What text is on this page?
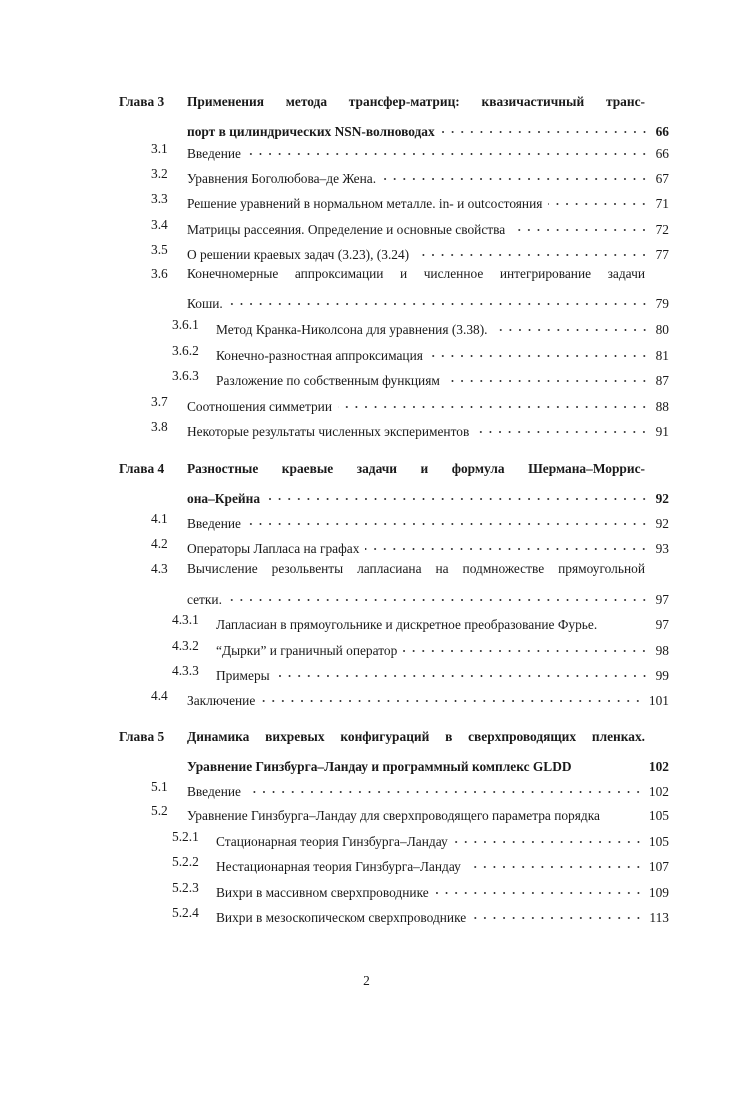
Глава 3 Применения метода трансфер-матриц: квазичастичный транс-
порт в цилиндрических NSN-волноводах	66
3.1 Введение	66
3.2 Уравнения Боголюбова–де Жена.	67
3.3 Решение уравнений в нормальном металле. in- и outсостояния	71
3.4 Матрицы рассеяния. Определение и основные свойства	72
3.5 О решении краевых задач (3.23), (3.24)	77
3.6 Конечномерные аппроксимации и численное интегрирование задачи
Коши.	79
3.6.1 Метод Кранка-Николсона для уравнения (3.38).	80
3.6.2 Конечно-разностная аппроксимация	81
3.6.3 Разложение по собственным функциям	87
3.7 Соотношения симметрии	88
3.8 Некоторые результаты численных экспериментов	91
Глава 4 Разностные краевые задачи и формула Шермана–Моррис-
она–Крейна	92
4.1 Введение	92
4.2 Операторы Лапласа на графах	93
4.3 Вычисление резольвенты лапласиана на подмножестве прямоугольной
сетки.	97
4.3.1 Лапласиан в прямоугольнике и дискретное преобразование Фурье.	97
4.3.2 “Дырки” и граничный оператор	98
4.3.3 Примеры	99
4.4 Заключение	101
Глава 5 Динамика вихревых конфигураций в сверхпроводящих пленках.
Уравнение Гинзбурга–Ландау и программный комплекс GLDD	102
5.1 Введение	102
5.2 Уравнение Гинзбурга–Ландау для сверхпроводящего параметра порядка	105
5.2.1 Стационарная теория Гинзбурга–Ландау	105
5.2.2 Нестационарная теория Гинзбурга–Ландау	107
5.2.3 Вихри в массивном сверхпроводнике	109
5.2.4 Вихри в мезоскопическом сверхпроводнике	113
2
